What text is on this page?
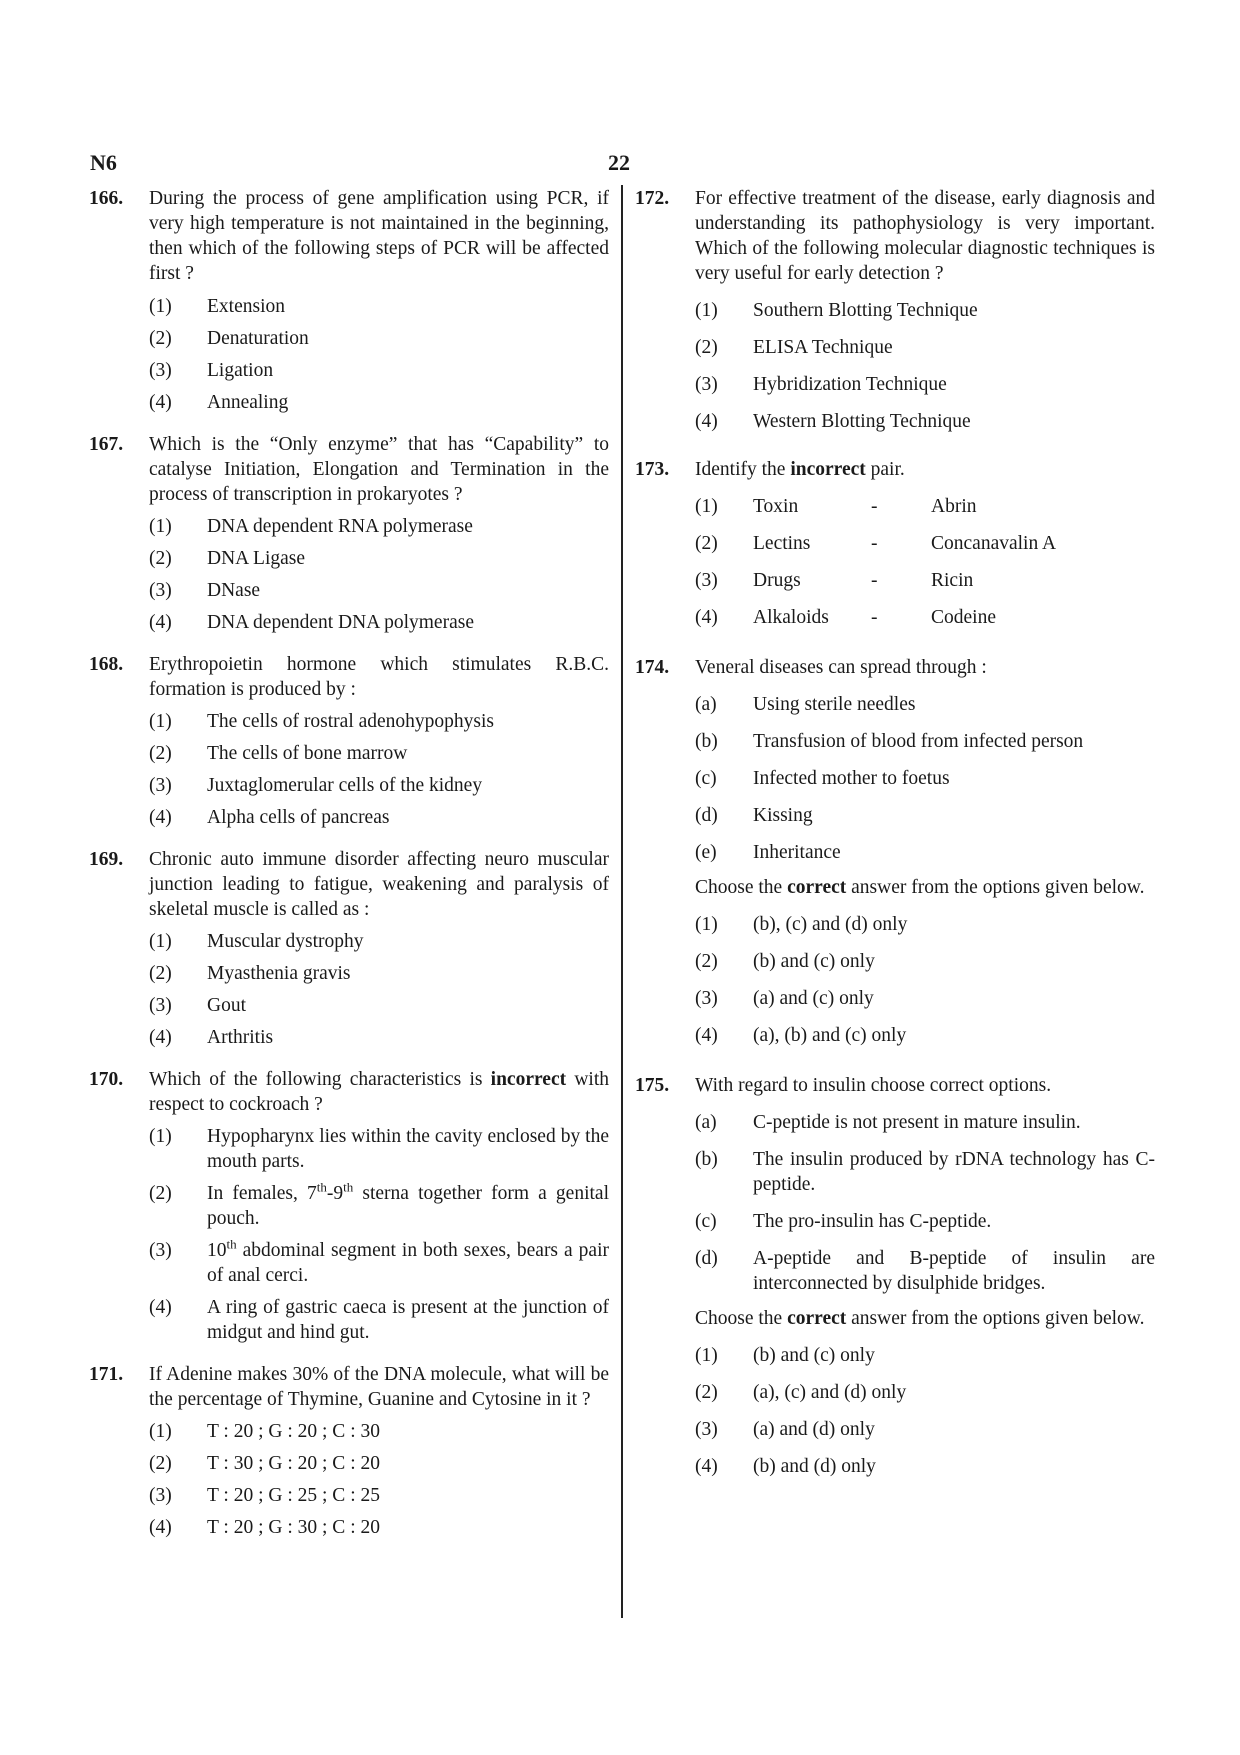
N6	22
166. During the process of gene amplification using PCR, if very high temperature is not maintained in the beginning, then which of the following steps of PCR will be affected first ?
(1) Extension
(2) Denaturation
(3) Ligation
(4) Annealing
167. Which is the “Only enzyme” that has “Capability” to catalyse Initiation, Elongation and Termination in the process of transcription in prokaryotes ?
(1) DNA dependent RNA polymerase
(2) DNA Ligase
(3) DNase
(4) DNA dependent DNA polymerase
168. Erythropoietin hormone which stimulates R.B.C. formation is produced by :
(1) The cells of rostral adenohypophysis
(2) The cells of bone marrow
(3) Juxtaglomerular cells of the kidney
(4) Alpha cells of pancreas
169. Chronic auto immune disorder affecting neuro muscular junction leading to fatigue, weakening and paralysis of skeletal muscle is called as :
(1) Muscular dystrophy
(2) Myasthenia gravis
(3) Gout
(4) Arthritis
170. Which of the following characteristics is incorrect with respect to cockroach ?
(1) Hypopharynx lies within the cavity enclosed by the mouth parts.
(2) In females, 7th-9th sterna together form a genital pouch.
(3) 10th abdominal segment in both sexes, bears a pair of anal cerci.
(4) A ring of gastric caeca is present at the junction of midgut and hind gut.
171. If Adenine makes 30% of the DNA molecule, what will be the percentage of Thymine, Guanine and Cytosine in it ?
(1) T : 20 ; G : 20 ; C : 30
(2) T : 30 ; G : 20 ; C : 20
(3) T : 20 ; G : 25 ; C : 25
(4) T : 20 ; G : 30 ; C : 20
172. For effective treatment of the disease, early diagnosis and understanding its pathophysiology is very important. Which of the following molecular diagnostic techniques is very useful for early detection ?
(1) Southern Blotting Technique
(2) ELISA Technique
(3) Hybridization Technique
(4) Western Blotting Technique
173. Identify the incorrect pair.
(1) Toxin	-	Abrin
(2) Lectins	-	Concanavalin A
(3) Drugs	-	Ricin
(4) Alkaloids	-	Codeine
174. Veneral diseases can spread through :
(a) Using sterile needles
(b) Transfusion of blood from infected person
(c) Infected mother to foetus
(d) Kissing
(e) Inheritance
Choose the correct answer from the options given below.
(1) (b), (c) and (d) only
(2) (b) and (c) only
(3) (a) and (c) only
(4) (a), (b) and (c) only
175. With regard to insulin choose correct options.
(a) C-peptide is not present in mature insulin.
(b) The insulin produced by rDNA technology has C-peptide.
(c) The pro-insulin has C-peptide.
(d) A-peptide and B-peptide of insulin are interconnected by disulphide bridges.
Choose the correct answer from the options given below.
(1) (b) and (c) only
(2) (a), (c) and (d) only
(3) (a) and (d) only
(4) (b) and (d) only
